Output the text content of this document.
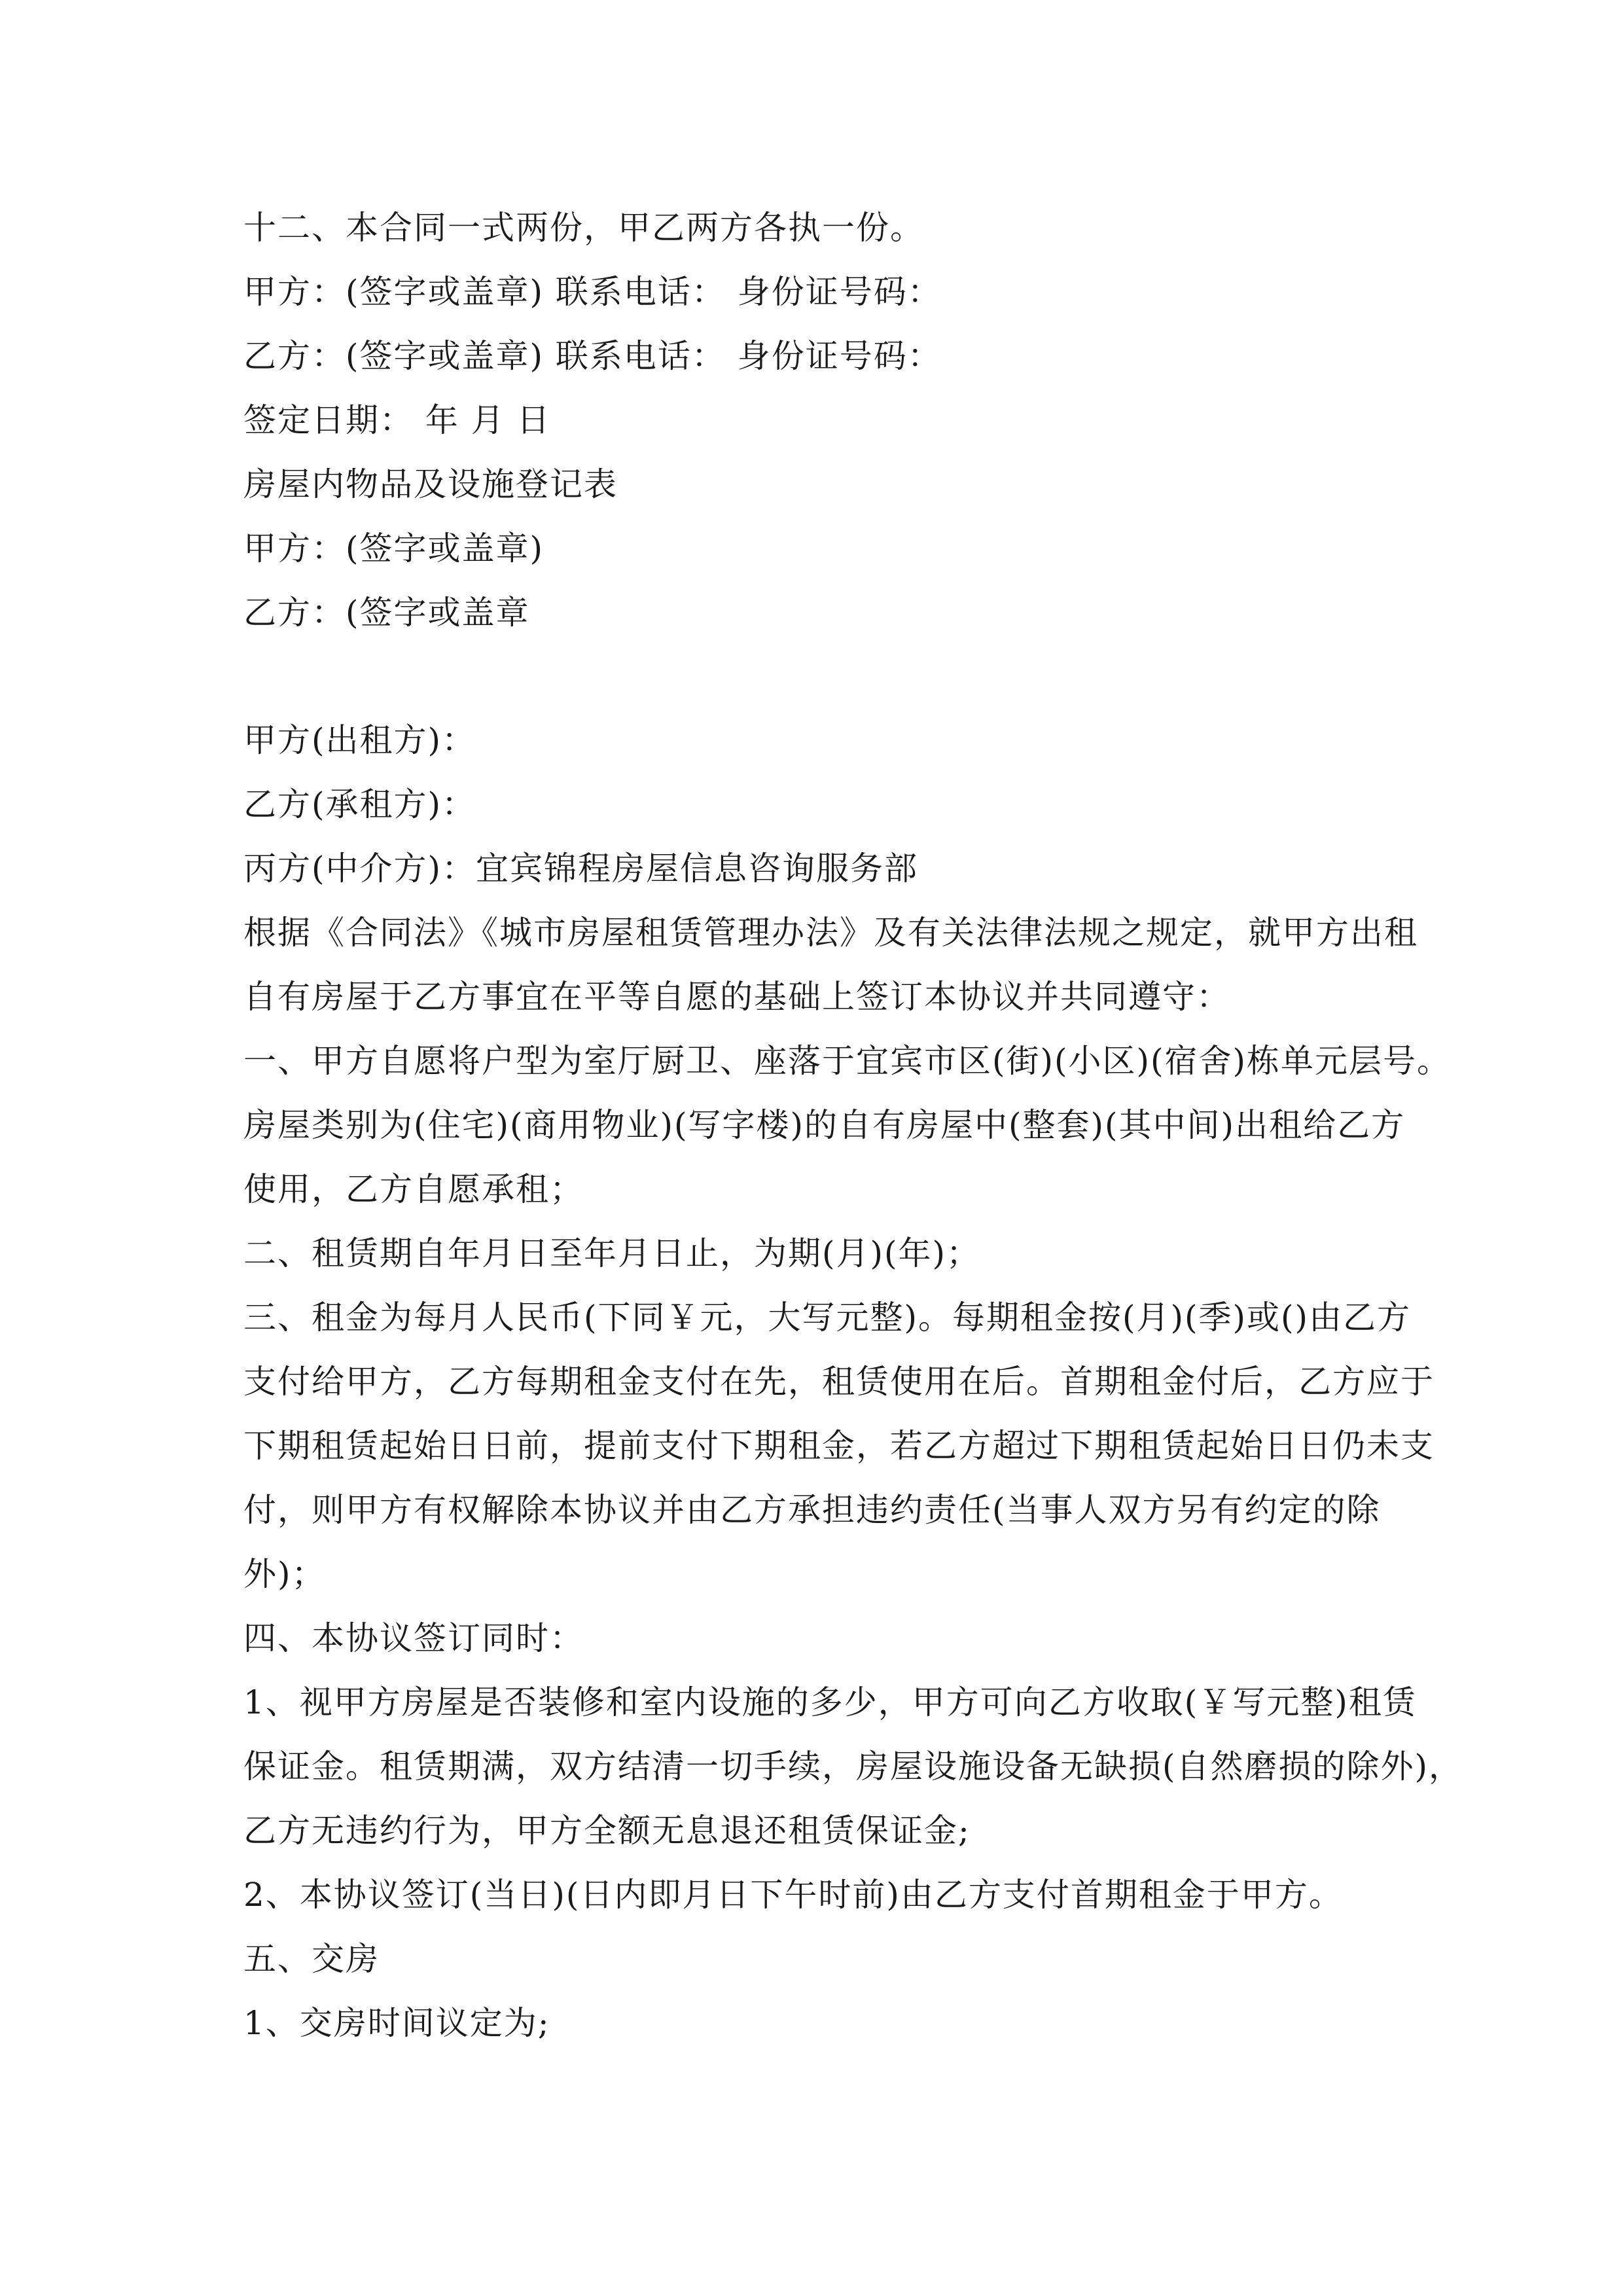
十二、本合同一式两份，甲乙两方各执一份。
甲方：(签字或盖章) 联系电话： 身份证号码：
乙方：(签字或盖章) 联系电话： 身份证号码：
签定日期： 年 月 日
房屋内物品及设施登记表
甲方：(签字或盖章)
乙方：(签字或盖章
甲方(出租方)：
乙方(承租方)：
丙方(中介方)：宜宾锦程房屋信息咨询服务部
根据《合同法》《城市房屋租赁管理办法》及有关法律法规之规定，就甲方出租
自有房屋于乙方事宜在平等自愿的基础上签订本协议并共同遵守：
一、甲方自愿将户型为室厅厨卫、座落于宜宾市区(街)(小区)(宿舍)栋单元层号。
房屋类别为(住宅)(商用物业)(写字楼)的自有房屋中(整套)(其中间)出租给乙方
使用，乙方自愿承租；
二、租赁期自年月日至年月日止，为期(月)(年)；
三、租金为每月人民币(下同￥元，大写元整)。每期租金按(月)(季)或()由乙方
支付给甲方，乙方每期租金支付在先，租赁使用在后。首期租金付后，乙方应于
下期租赁起始日日前，提前支付下期租金，若乙方超过下期租赁起始日日仍未支
付，则甲方有权解除本协议并由乙方承担违约责任(当事人双方另有约定的除
外)；
四、本协议签订同时：
1、视甲方房屋是否装修和室内设施的多少，甲方可向乙方收取(￥写元整)租赁
保证金。租赁期满，双方结清一切手续，房屋设施设备无缺损(自然磨损的除外)，
乙方无违约行为，甲方全额无息退还租赁保证金;
2、本协议签订(当日)(日内即月日下午时前)由乙方支付首期租金于甲方。
五、交房
1、交房时间议定为;
